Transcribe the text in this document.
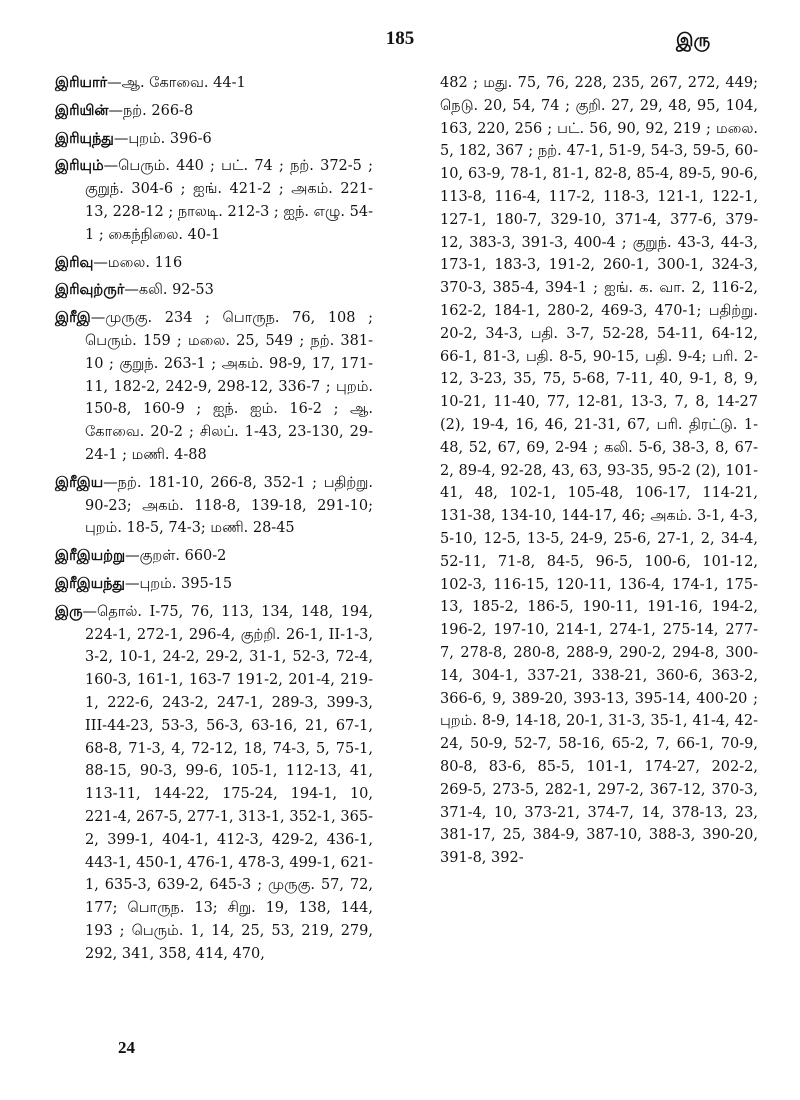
185	இரு

இரியார்—ஆ. கோவை. 44-1

இரியின்—நற். 266-8

இரியுந்து—புறம். 396-6

இரியும்—பெரும். 440 ; பட். 74 ; நற். 372-5 ; குறுந். 304-6 ; ஐங். 421-2 ; அகம். 221-13, 228-12 ; நாலடி. 212-3 ; ஐந். எழு. 54-1 ; கைந்நிலை. 40-1

இரிவு—மலை. 116

இரிவுற்ருர்—கலி. 92-53

இரீஇ—முருகு. 234 ; பொருந. 76, 108 ; பெரும். 159 ; மலை. 25, 549 ; நற். 381-10 ; குறுந். 263-1 ; அகம். 98-9, 17, 171-11, 182-2, 242-9, 298-12, 336-7 ; புறம். 150-8, 160-9 ; ஐந். ஐம். 16-2 ; ஆ. கோவை. 20-2 ; சிலப். 1-43, 23-130, 29-24-1 ; மணி. 4-88

இரீஇய—நற். 181-10, 266-8, 352-1 ; பதிற்று. 90-23; அகம். 118-8, 139-18, 291-10; புறம். 18-5, 74-3; மணி. 28-45

இரீஇயற்று—குறள். 660-2

இரீஇயந்து—புறம். 395-15

இரு—தொல். I-75, 76, 113, 134, 148, 194, 224-1, 272-1, 296-4, குற்றி. 26-1, II-1-3, 3-2, 10-1, 24-2, 29-2, 31-1, 52-3, 72-4, 160-3, 161-1, 163-7 191-2, 201-4, 219-1, 222-6, 243-2, 247-1, 289-3, 399-3, III-44-23, 53-3, 56-3, 63-16, 21, 67-1, 68-8, 71-3, 4, 72-12, 18, 74-3, 5, 75-1, 88-15, 90-3, 99-6, 105-1, 112-13, 41, 113-11, 144-22, 175-24, 194-1, 10, 221-4, 267-5, 277-1, 313-1, 352-1, 365-2, 399-1, 404-1, 412-3, 429-2, 436-1, 443-1, 450-1, 476-1, 478-3, 499-1, 621-1, 635-3, 639-2, 645-3 ; முருகு. 57, 72, 177; பொருந. 13; சிறு. 19, 138, 144, 193 ; பெரும். 1, 14, 25, 53, 219, 279, 292, 341, 358, 414, 470,

482 ; மது. 75, 76, 228, 235, 267, 272, 449; நெடு. 20, 54, 74 ; குறி. 27, 29, 48, 95, 104, 163, 220, 256 ; பட். 56, 90, 92, 219 ; மலை. 5, 182, 367 ; நற். 47-1, 51-9, 54-3, 59-5, 60-10, 63-9, 78-1, 81-1, 82-8, 85-4, 89-5, 90-6, 113-8, 116-4, 117-2, 118-3, 121-1, 122-1, 127-1, 180-7, 329-10, 371-4, 377-6, 379-12, 383-3, 391-3, 400-4 ; குறுந். 43-3, 44-3, 173-1, 183-3, 191-2, 260-1, 300-1, 324-3, 370-3, 385-4, 394-1 ; ஐங். க. வா. 2, 116-2, 162-2, 184-1, 280-2, 469-3, 470-1; பதிற்று. 20-2, 34-3, பதி. 3-7, 52-28, 54-11, 64-12, 66-1, 81-3, பதி. 8-5, 90-15, பதி. 9-4; பரி. 2-12, 3-23, 35, 75, 5-68, 7-11, 40, 9-1, 8, 9, 10-21, 11-40, 77, 12-81, 13-3, 7, 8, 14-27 (2), 19-4, 16, 46, 21-31, 67, பரி. திரட்டு. 1-48, 52, 67, 69, 2-94 ; கலி. 5-6, 38-3, 8, 67-2, 89-4, 92-28, 43, 63, 93-35, 95-2 (2), 101-41, 48, 102-1, 105-48, 106-17, 114-21, 131-38, 134-10, 144-17, 46; அகம். 3-1, 4-3, 5-10, 12-5, 13-5, 24-9, 25-6, 27-1, 2, 34-4, 52-11, 71-8, 84-5, 96-5, 100-6, 101-12, 102-3, 116-15, 120-11, 136-4, 174-1, 175-13, 185-2, 186-5, 190-11, 191-16, 194-2, 196-2, 197-10, 214-1, 274-1, 275-14, 277-7, 278-8, 280-8, 288-9, 290-2, 294-8, 300-14, 304-1, 337-21, 338-21, 360-6, 363-2, 366-6, 9, 389-20, 393-13, 395-14, 400-20 ; புறம். 8-9, 14-18, 20-1, 31-3, 35-1, 41-4, 42-24, 50-9, 52-7, 58-16, 65-2, 7, 66-1, 70-9, 80-8, 83-6, 85-5, 101-1, 174-27, 202-2, 269-5, 273-5, 282-1, 297-2, 367-12, 370-3, 371-4, 10, 373-21, 374-7, 14, 378-13, 23, 381-17, 25, 384-9, 387-10, 388-3, 390-20, 391-8, 392-

24
